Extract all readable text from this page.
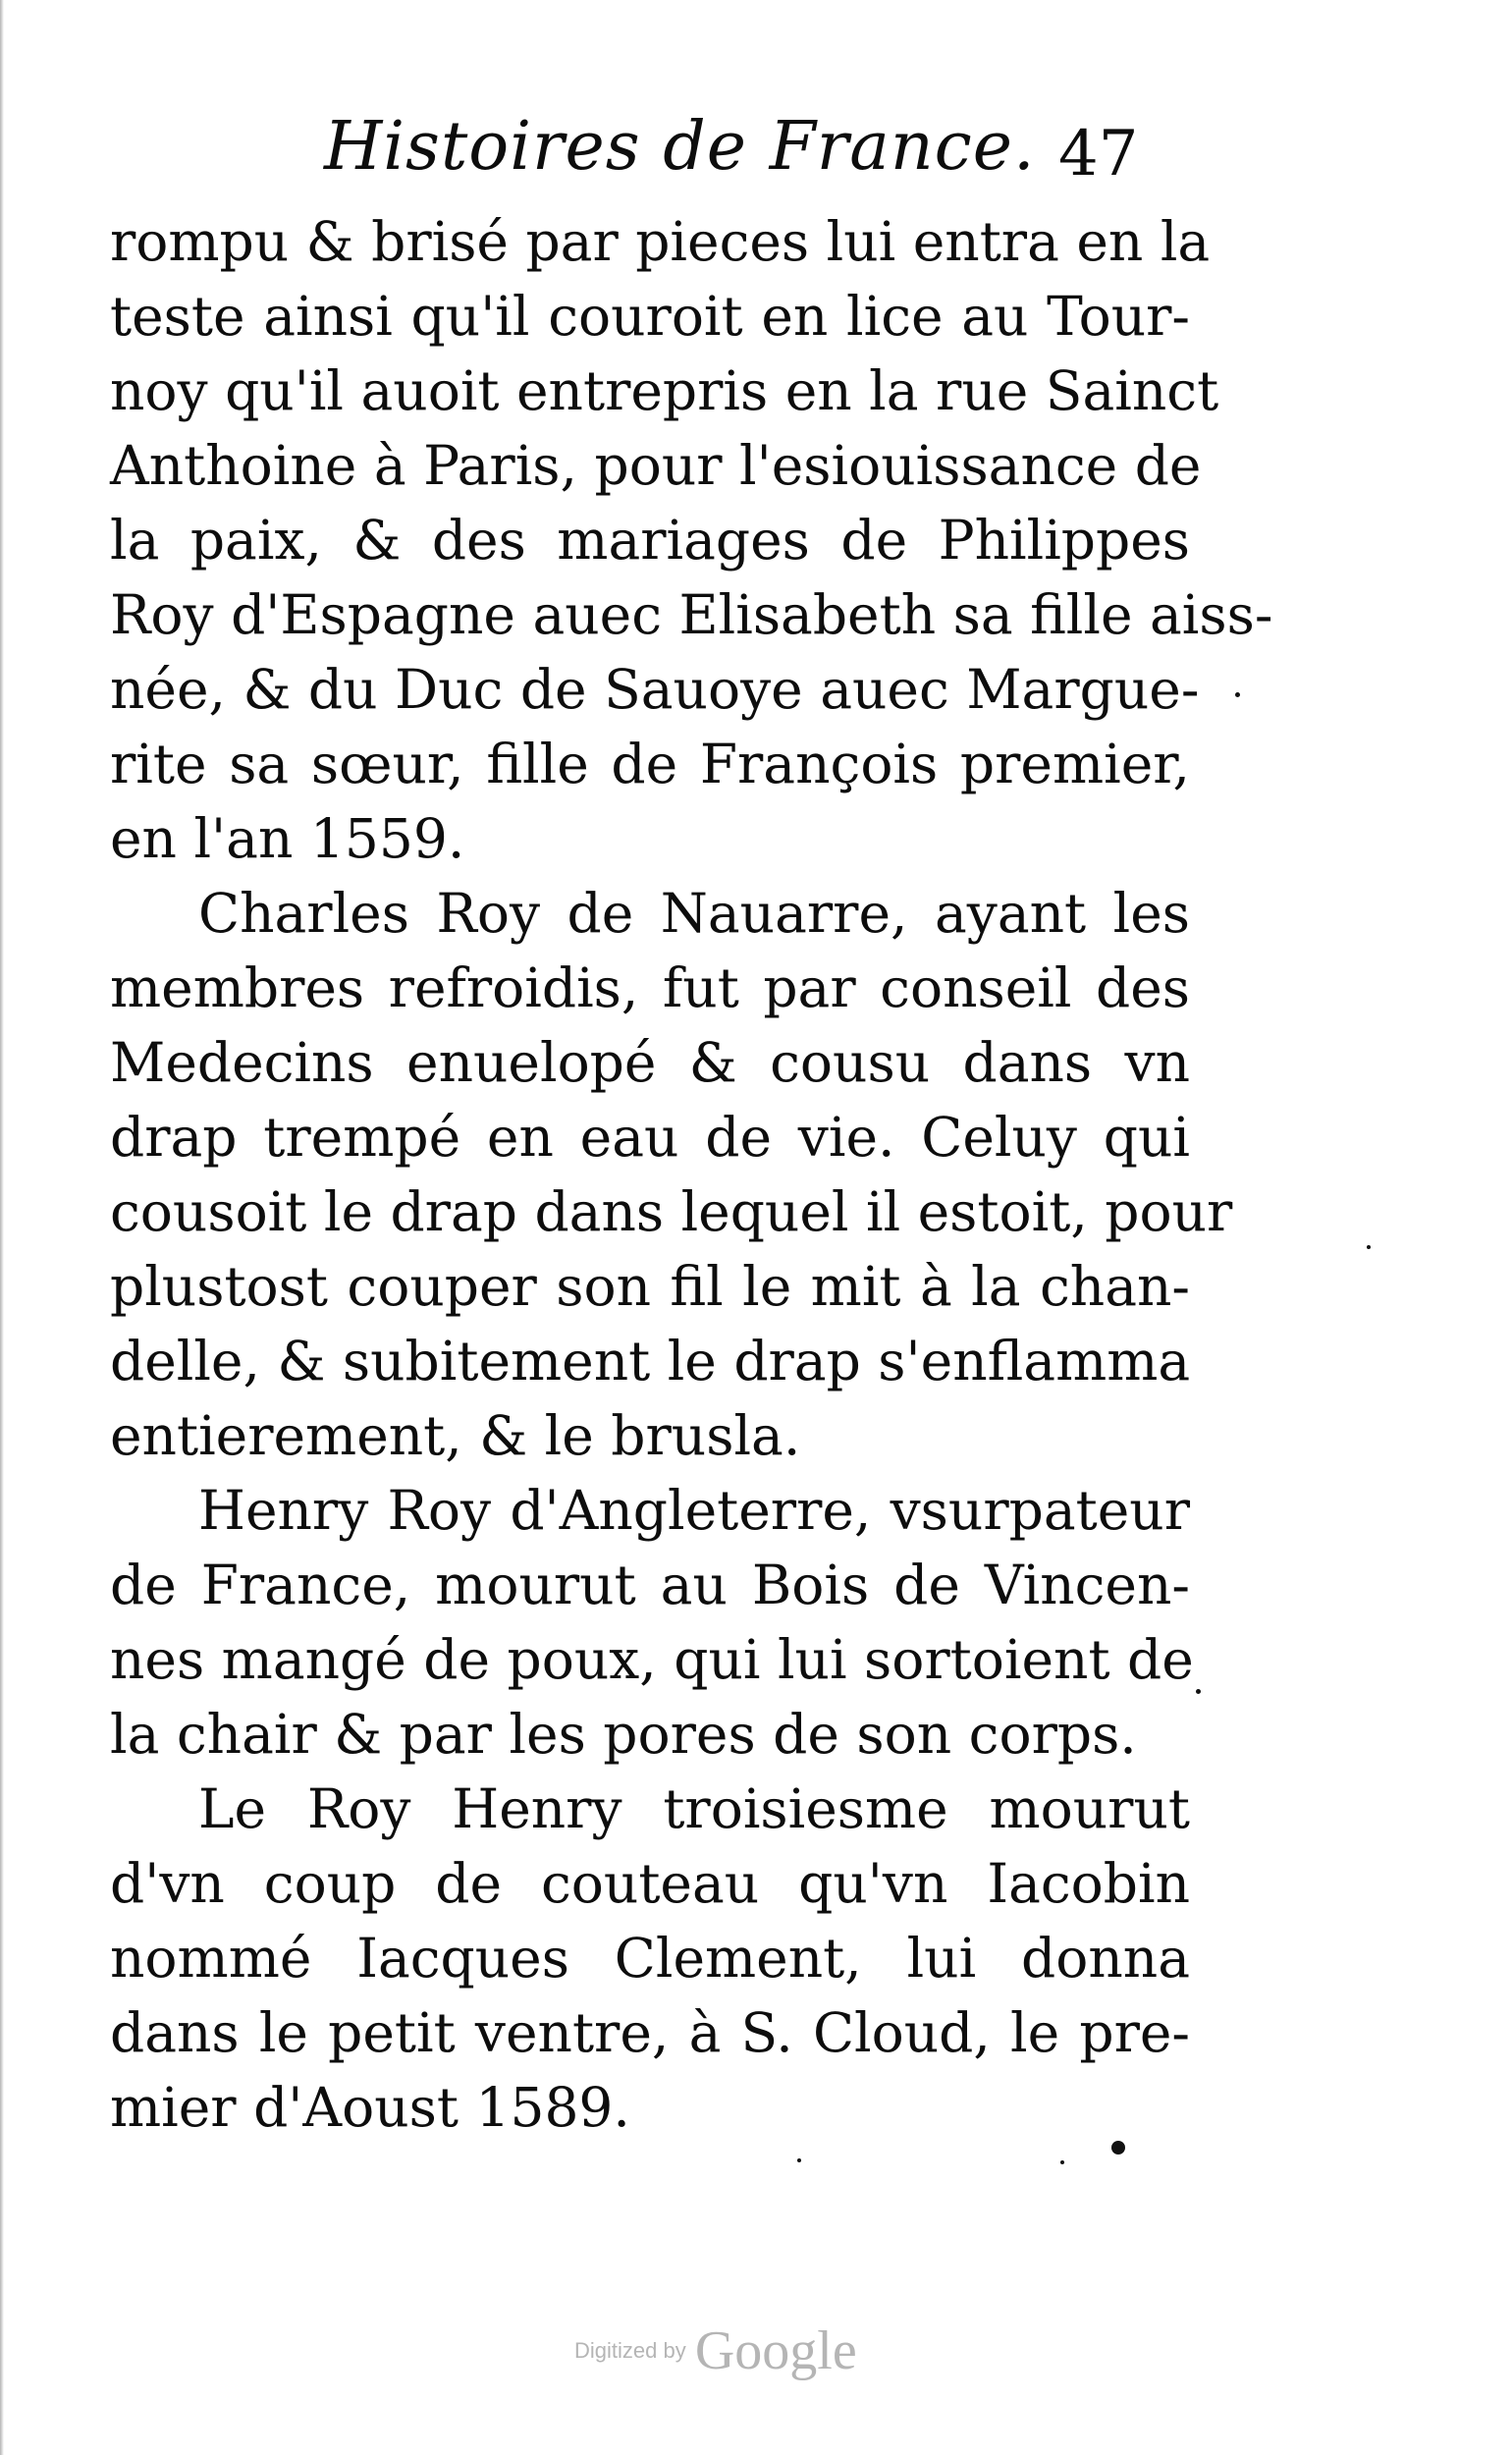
Histoires de France. 47
rompu & brisé par pieces lui entra en la
teste ainsi qu'il couroit en lice au Tour-
noy qu'il auoit entrepris en la rue Sainct
Anthoine à Paris, pour l'esiouissance de
la paix, & des mariages de Philippes
Roy d'Espagne auec Elisabeth sa fille aiss-
née, & du Duc de Sauoye auec Margue-
rite sa sœur, fille de François premier,
en l'an 1559.
Charles Roy de Nauarre, ayant les
membres refroidis, fut par conseil des
Medecins enuelopé & cousu dans vn
drap trempé en eau de vie. Celuy qui
cousoit le drap dans lequel il estoit, pour
plustost couper son fil le mit à la chan-
delle, & subitement le drap s'enflamma
entierement, & le brusla.
Henry Roy d'Angleterre, vsurpateur
de France, mourut au Bois de Vincen-
nes mangé de poux, qui lui sortoient de
la chair & par les pores de son corps.
Le Roy Henry troisiesme mourut
d'vn coup de couteau qu'vn Iacobin
nommé Iacques Clement, lui donna
dans le petit ventre, à S. Cloud, le pre-
mier d'Aoust 1589.
Digitized by Google
